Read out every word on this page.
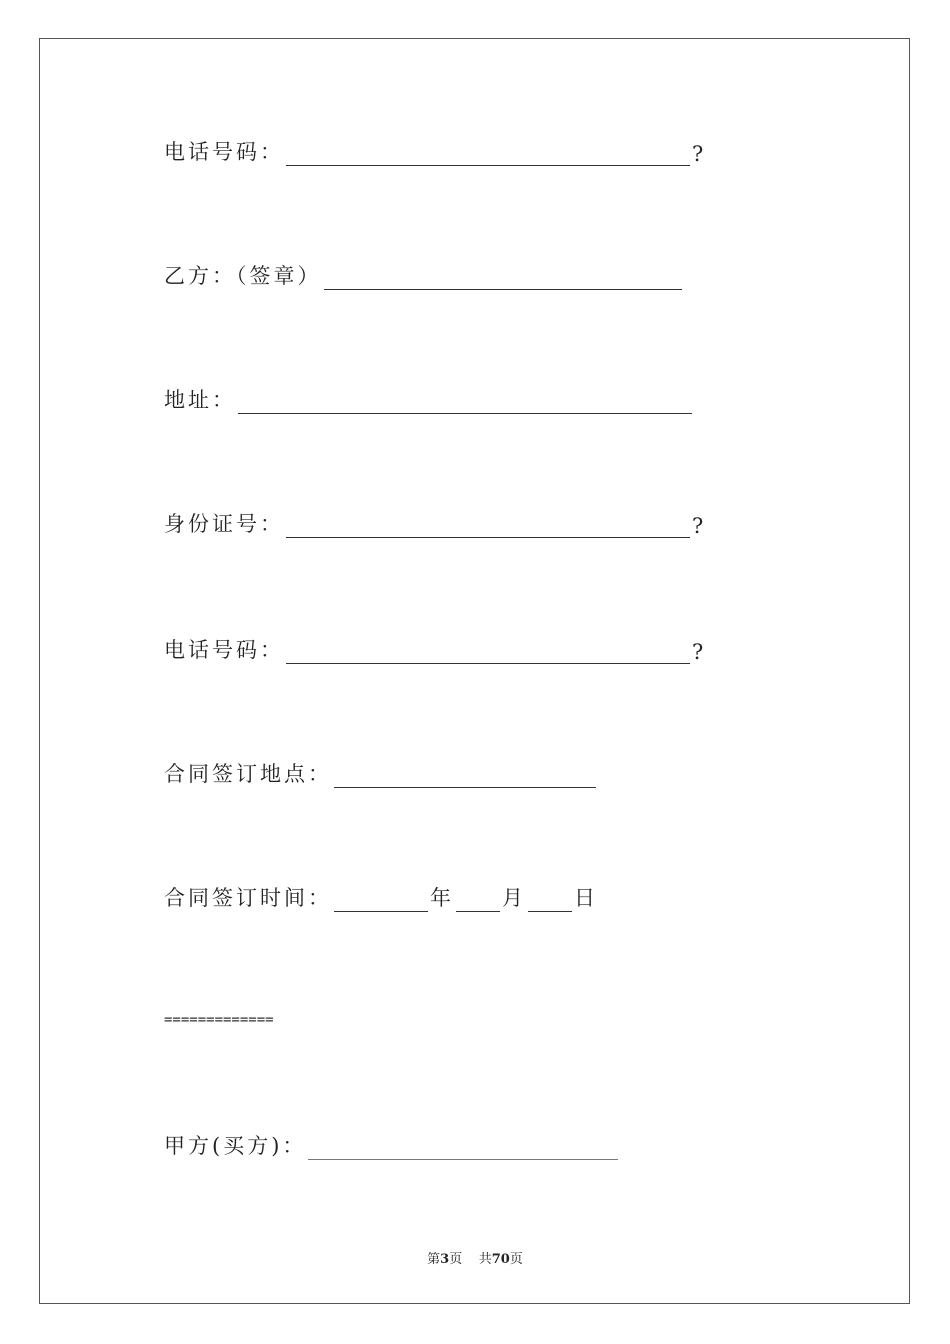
电话号码：	?
乙方：（签章）
地址：
身份证号：	?
电话号码：	?
合同签订地点：
合同签订时间：	年 月 日
=============
甲方(买方)：
第3页 共70页
